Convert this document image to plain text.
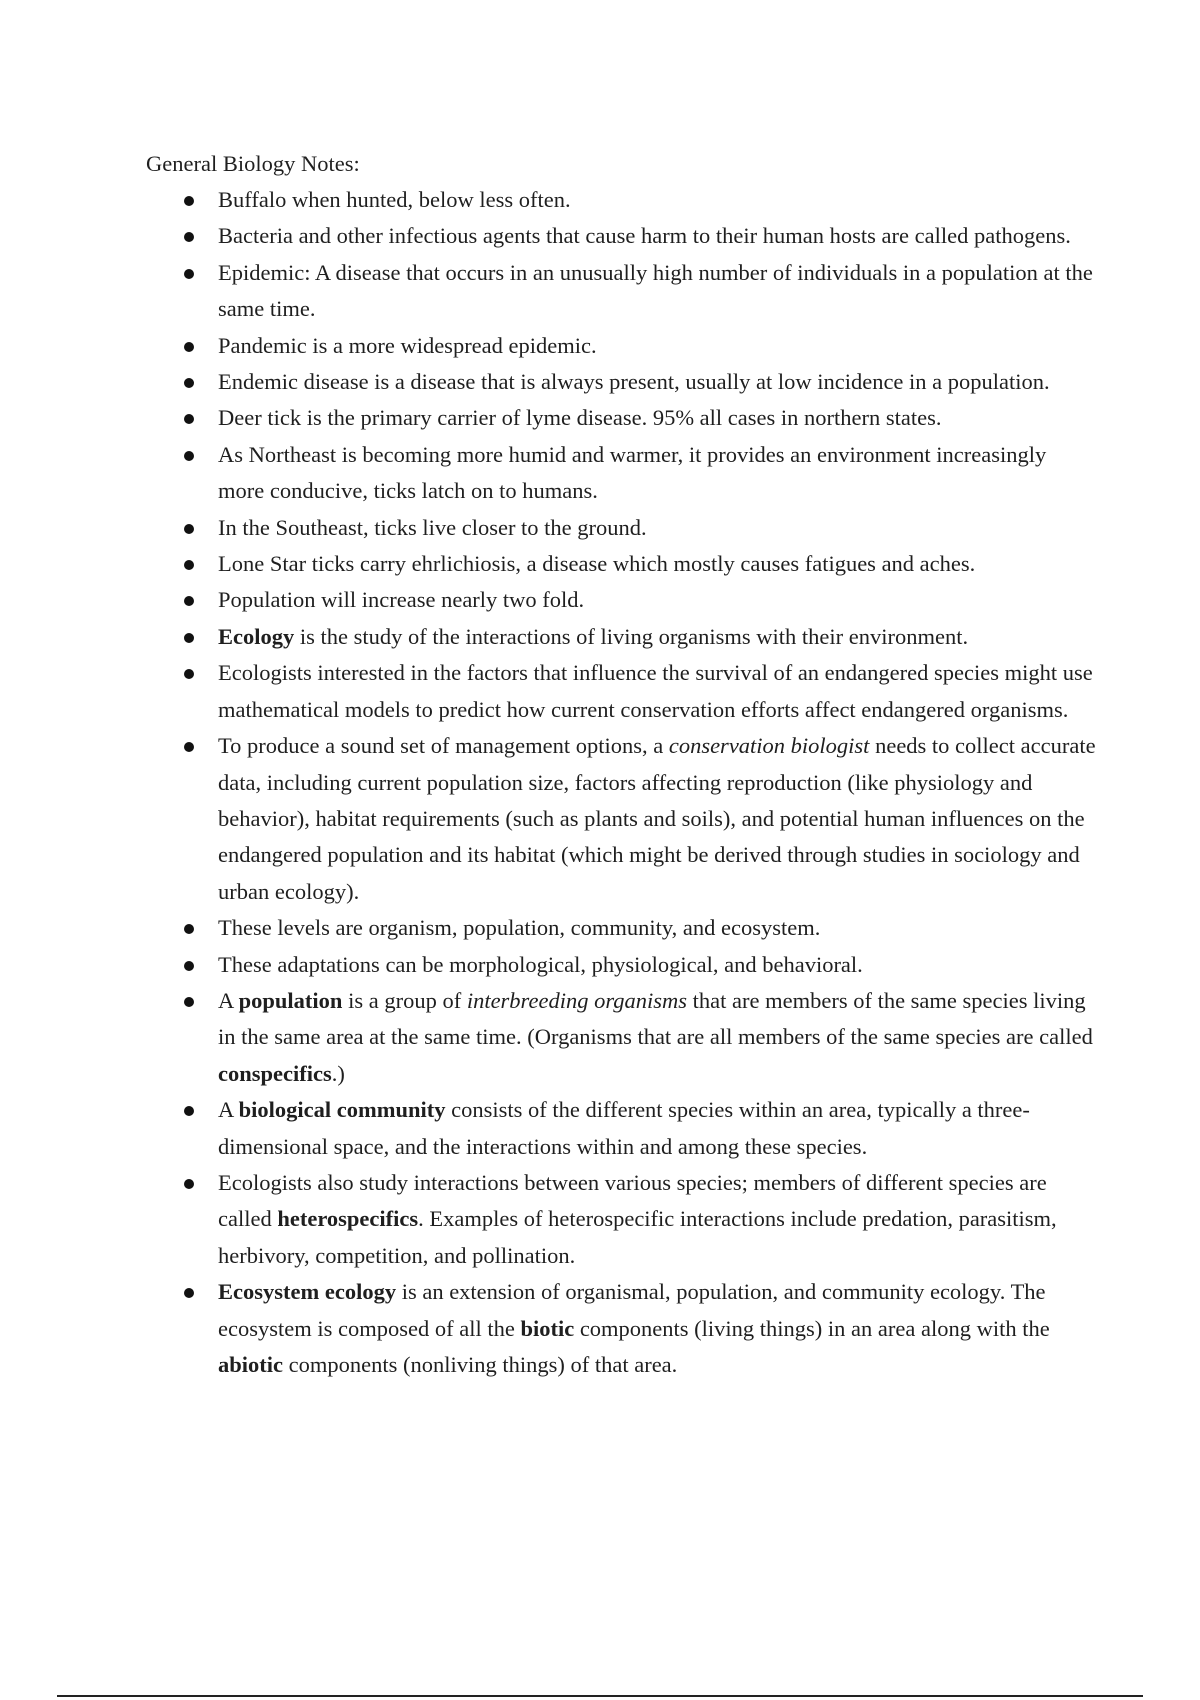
General Biology Notes:

Buffalo when hunted, below less often.
Bacteria and other infectious agents that cause harm to their human hosts are called pathogens.
Epidemic: A disease that occurs in an unusually high number of individuals in a population at the same time.
Pandemic is a more widespread epidemic.
Endemic disease is a disease that is always present, usually at low incidence in a population.
Deer tick is the primary carrier of lyme disease. 95% all cases in northern states.
As Northeast is becoming more humid and warmer, it provides an environment increasingly more conducive, ticks latch on to humans.
In the Southeast, ticks live closer to the ground.
Lone Star ticks carry ehrlichiosis, a disease which mostly causes fatigues and aches.
Population will increase nearly two fold.
Ecology is the study of the interactions of living organisms with their environment.
Ecologists interested in the factors that influence the survival of an endangered species might use mathematical models to predict how current conservation efforts affect endangered organisms.
To produce a sound set of management options, a conservation biologist needs to collect accurate data, including current population size, factors affecting reproduction (like physiology and behavior), habitat requirements (such as plants and soils), and potential human influences on the endangered population and its habitat (which might be derived through studies in sociology and urban ecology).
These levels are organism, population, community, and ecosystem.
These adaptations can be morphological, physiological, and behavioral.
A population is a group of interbreeding organisms that are members of the same species living in the same area at the same time. (Organisms that are all members of the same species are called conspecifics.)
A biological community consists of the different species within an area, typically a three-dimensional space, and the interactions within and among these species.
Ecologists also study interactions between various species; members of different species are called heterospecifics. Examples of heterospecific interactions include predation, parasitism, herbivory, competition, and pollination.
Ecosystem ecology is an extension of organismal, population, and community ecology. The ecosystem is composed of all the biotic components (living things) in an area along with the abiotic components (nonliving things) of that area.
